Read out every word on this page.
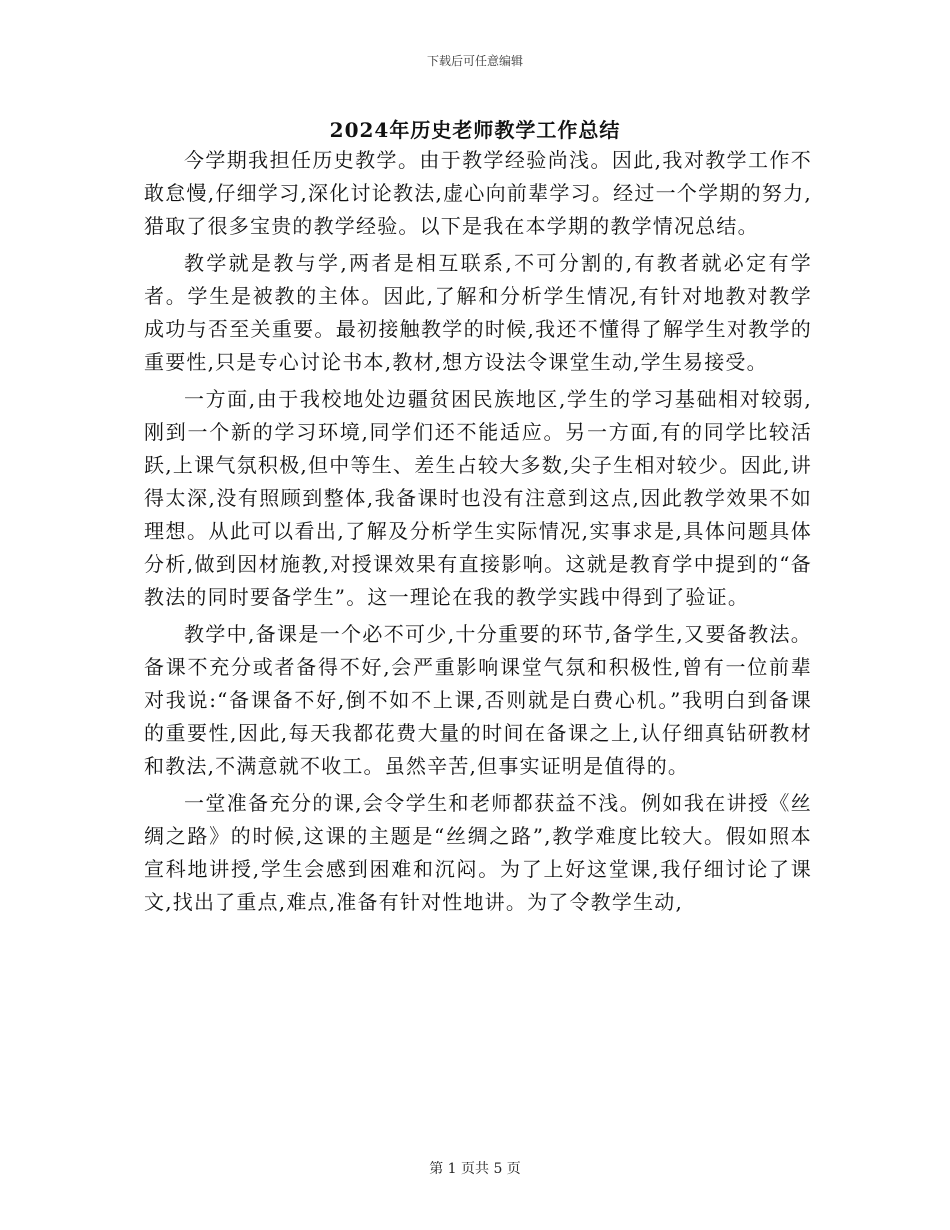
下载后可任意编辑
2024年历史老师教学工作总结

今学期我担任历史教学。由于教学经验尚浅。因此,我对教学工作不敢怠慢,仔细学习,深化讨论教法,虚心向前辈学习。经过一个学期的努力,猎取了很多宝贵的教学经验。以下是我在本学期的教学情况总结。

教学就是教与学,两者是相互联系,不可分割的,有教者就必定有学者。学生是被教的主体。因此,了解和分析学生情况,有针对地教对教学成功与否至关重要。最初接触教学的时候,我还不懂得了解学生对教学的重要性,只是专心讨论书本,教材,想方设法令课堂生动,学生易接受。

一方面,由于我校地处边疆贫困民族地区,学生的学习基础相对较弱,刚到一个新的学习环境,同学们还不能适应。另一方面,有的同学比较活跃,上课气氛积极,但中等生、差生占较大多数,尖子生相对较少。因此,讲得太深,没有照顾到整体,我备课时也没有注意到这点,因此教学效果不如理想。从此可以看出,了解及分析学生实际情况,实事求是,具体问题具体分析,做到因材施教,对授课效果有直接影响。这就是教育学中提到的“备教法的同时要备学生”。这一理论在我的教学实践中得到了验证。

教学中,备课是一个必不可少,十分重要的环节,备学生,又要备教法。备课不充分或者备得不好,会严重影响课堂气氛和积极性,曾有一位前辈对我说:“备课备不好,倒不如不上课,否则就是白费心机。”我明白到备课的重要性,因此,每天我都花费大量的时间在备课之上,认仔细真钻研教材和教法,不满意就不收工。虽然辛苦,但事实证明是值得的。

一堂准备充分的课,会令学生和老师都获益不浅。例如我在讲授《丝绸之路》的时候,这课的主题是“丝绸之路”,教学难度比较大。假如照本宣科地讲授,学生会感到困难和沉闷。为了上好这堂课,我仔细讨论了课文,找出了重点,难点,准备有针对性地讲。为了令教学生动,

第 1 页共 5 页
